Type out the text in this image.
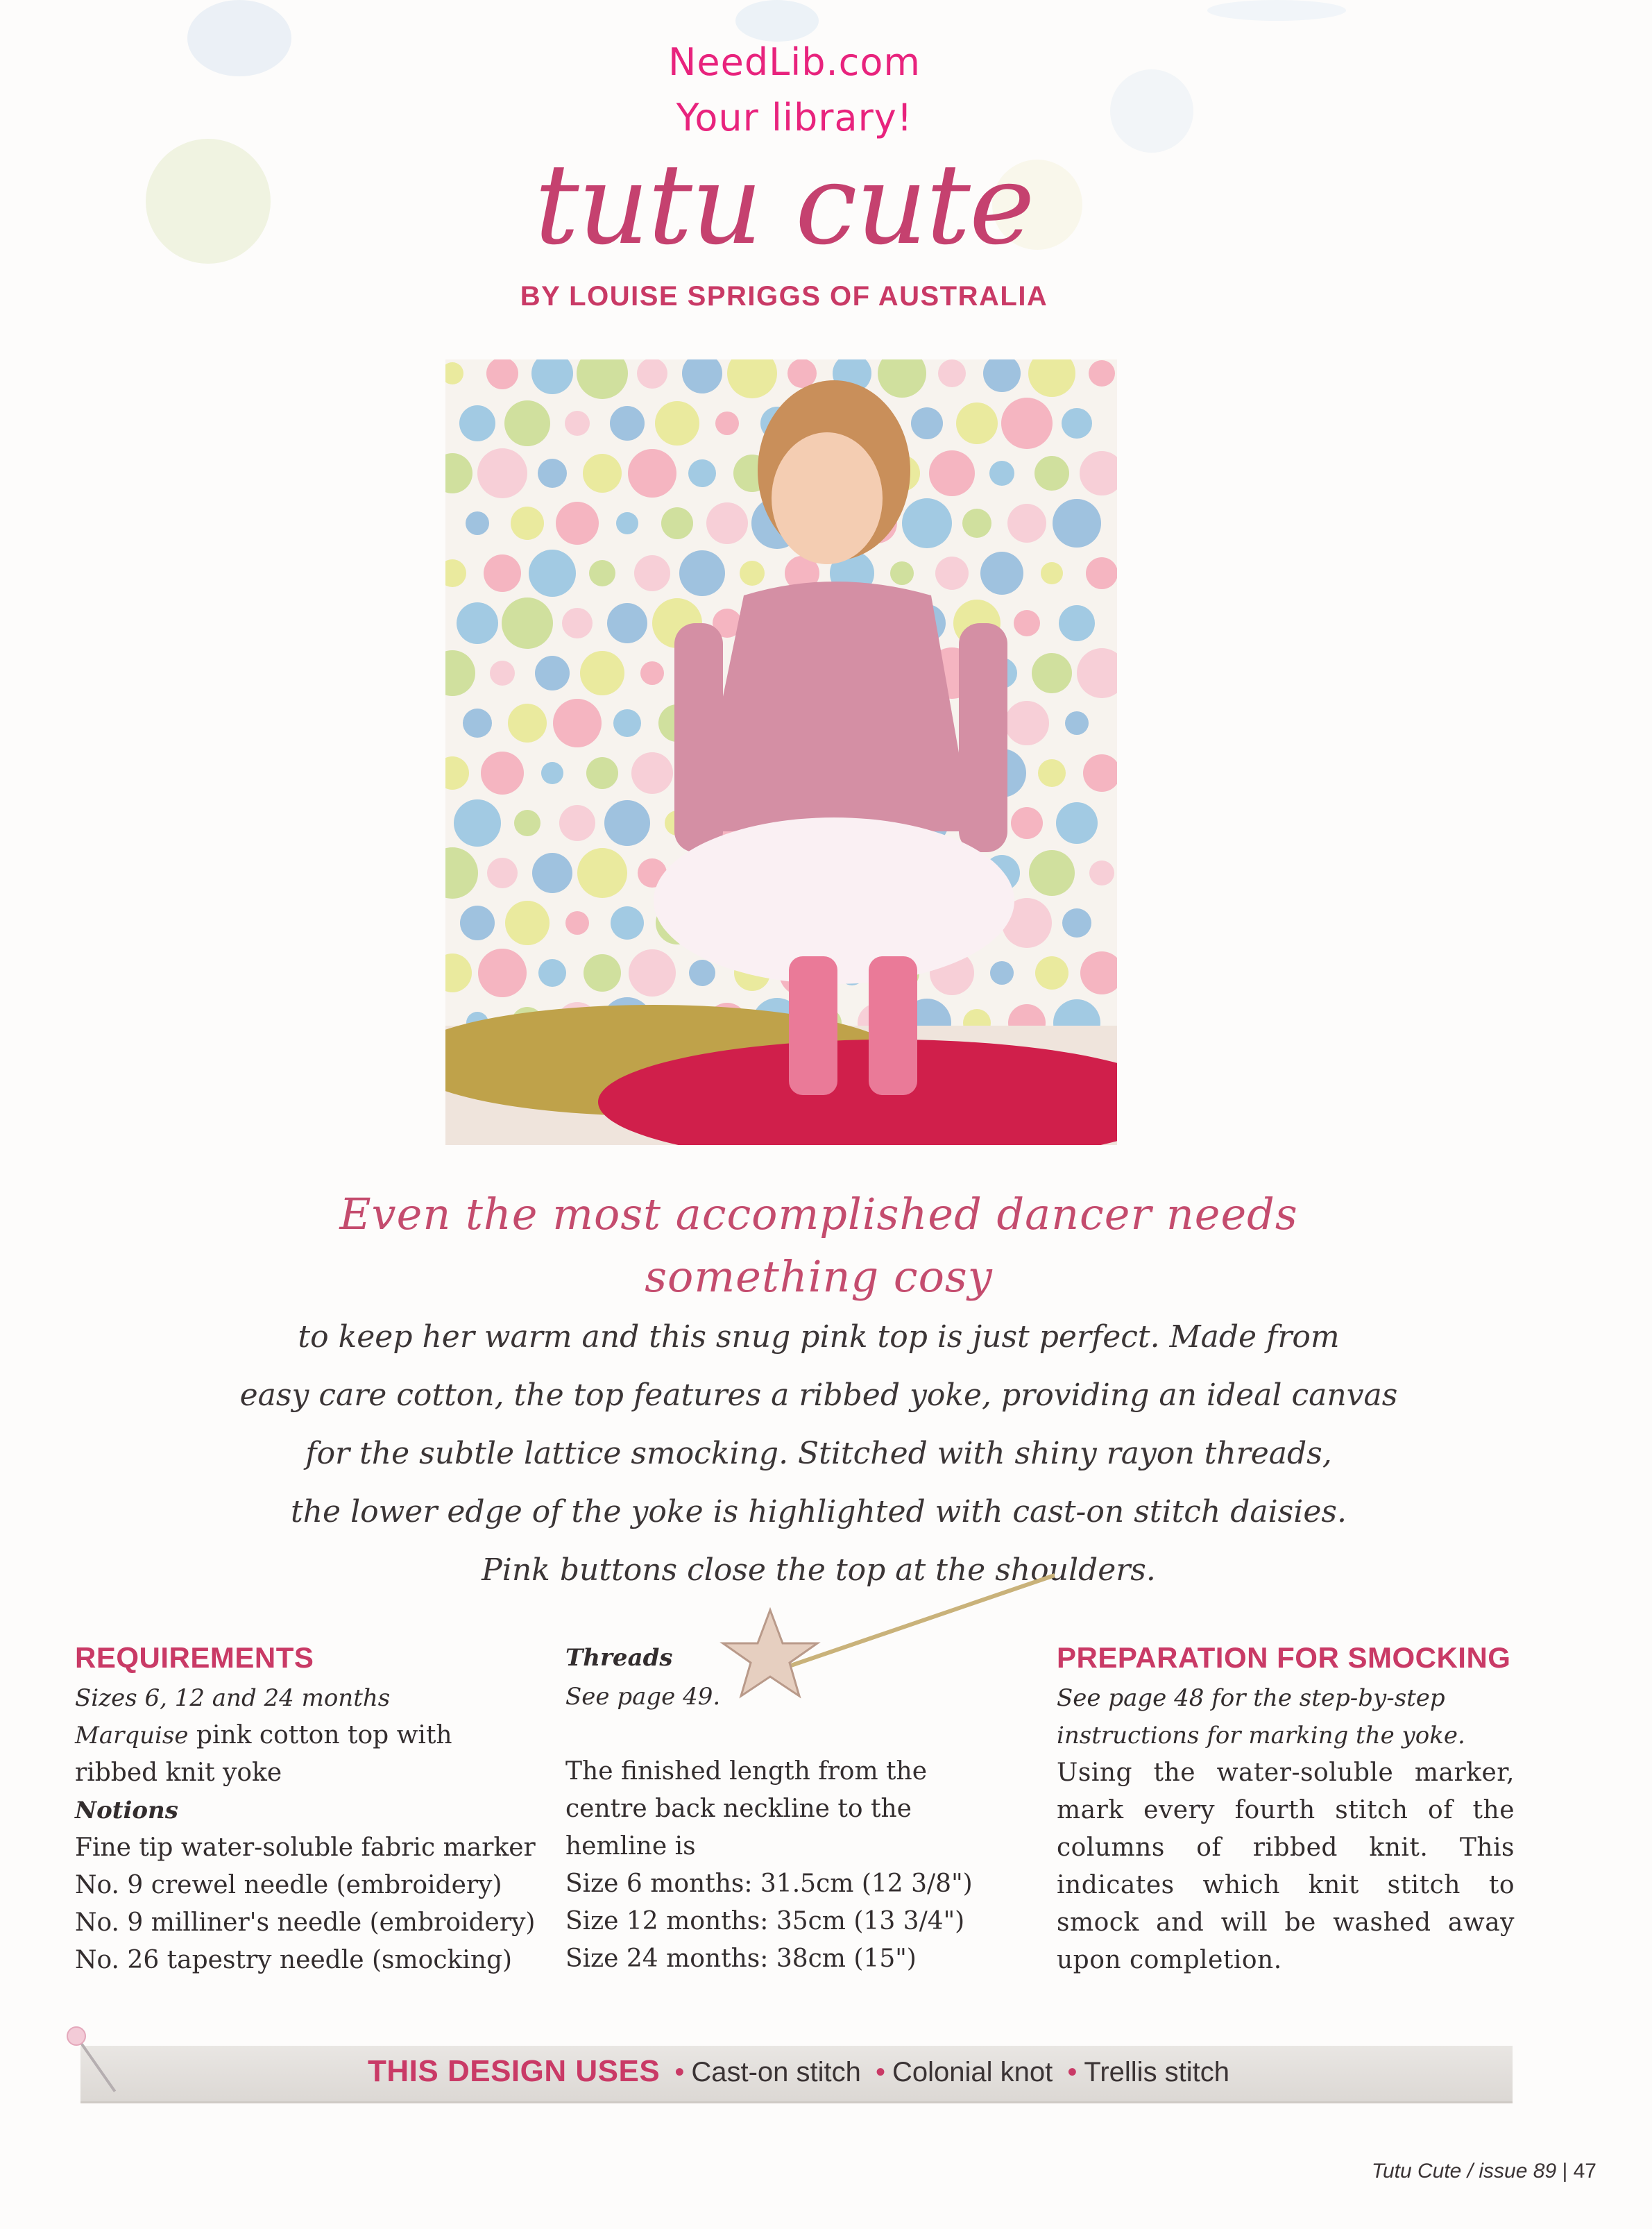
NeedLib.com
Your library!
tutu cute
BY LOUISE SPRIGGS OF AUSTRALIA
Even the most accomplished dancer needs something cosy
to keep her warm and this snug pink top is just perfect. Made from
easy care cotton, the top features a ribbed yoke, providing an ideal canvas
for the subtle lattice smocking. Stitched with shiny rayon threads,
the lower edge of the yoke is highlighted with cast-on stitch daisies.
Pink buttons close the top at the shoulders.
REQUIREMENTS
Sizes 6, 12 and 24 months
Marquise pink cotton top with
ribbed knit yoke
Notions
Fine tip water-soluble fabric marker
No. 9 crewel needle (embroidery)
No. 9 milliner's needle (embroidery)
No. 26 tapestry needle (smocking)
Threads
See page 49.
The finished length from the
centre back neckline to the
hemline is
Size 6 months: 31.5cm (12 3/8")
Size 12 months: 35cm (13 3/4")
Size 24 months: 38cm (15")
PREPARATION FOR SMOCKING
See page 48 for the step-by-step
instructions for marking the yoke.
Using the water-soluble marker, mark every fourth stitch of the columns of ribbed knit. This indicates which knit stitch to smock and will be washed away upon completion.
THIS DESIGN USES • Cast-on stitch • Colonial knot • Trellis stitch
Tutu Cute / issue 89 | 47
